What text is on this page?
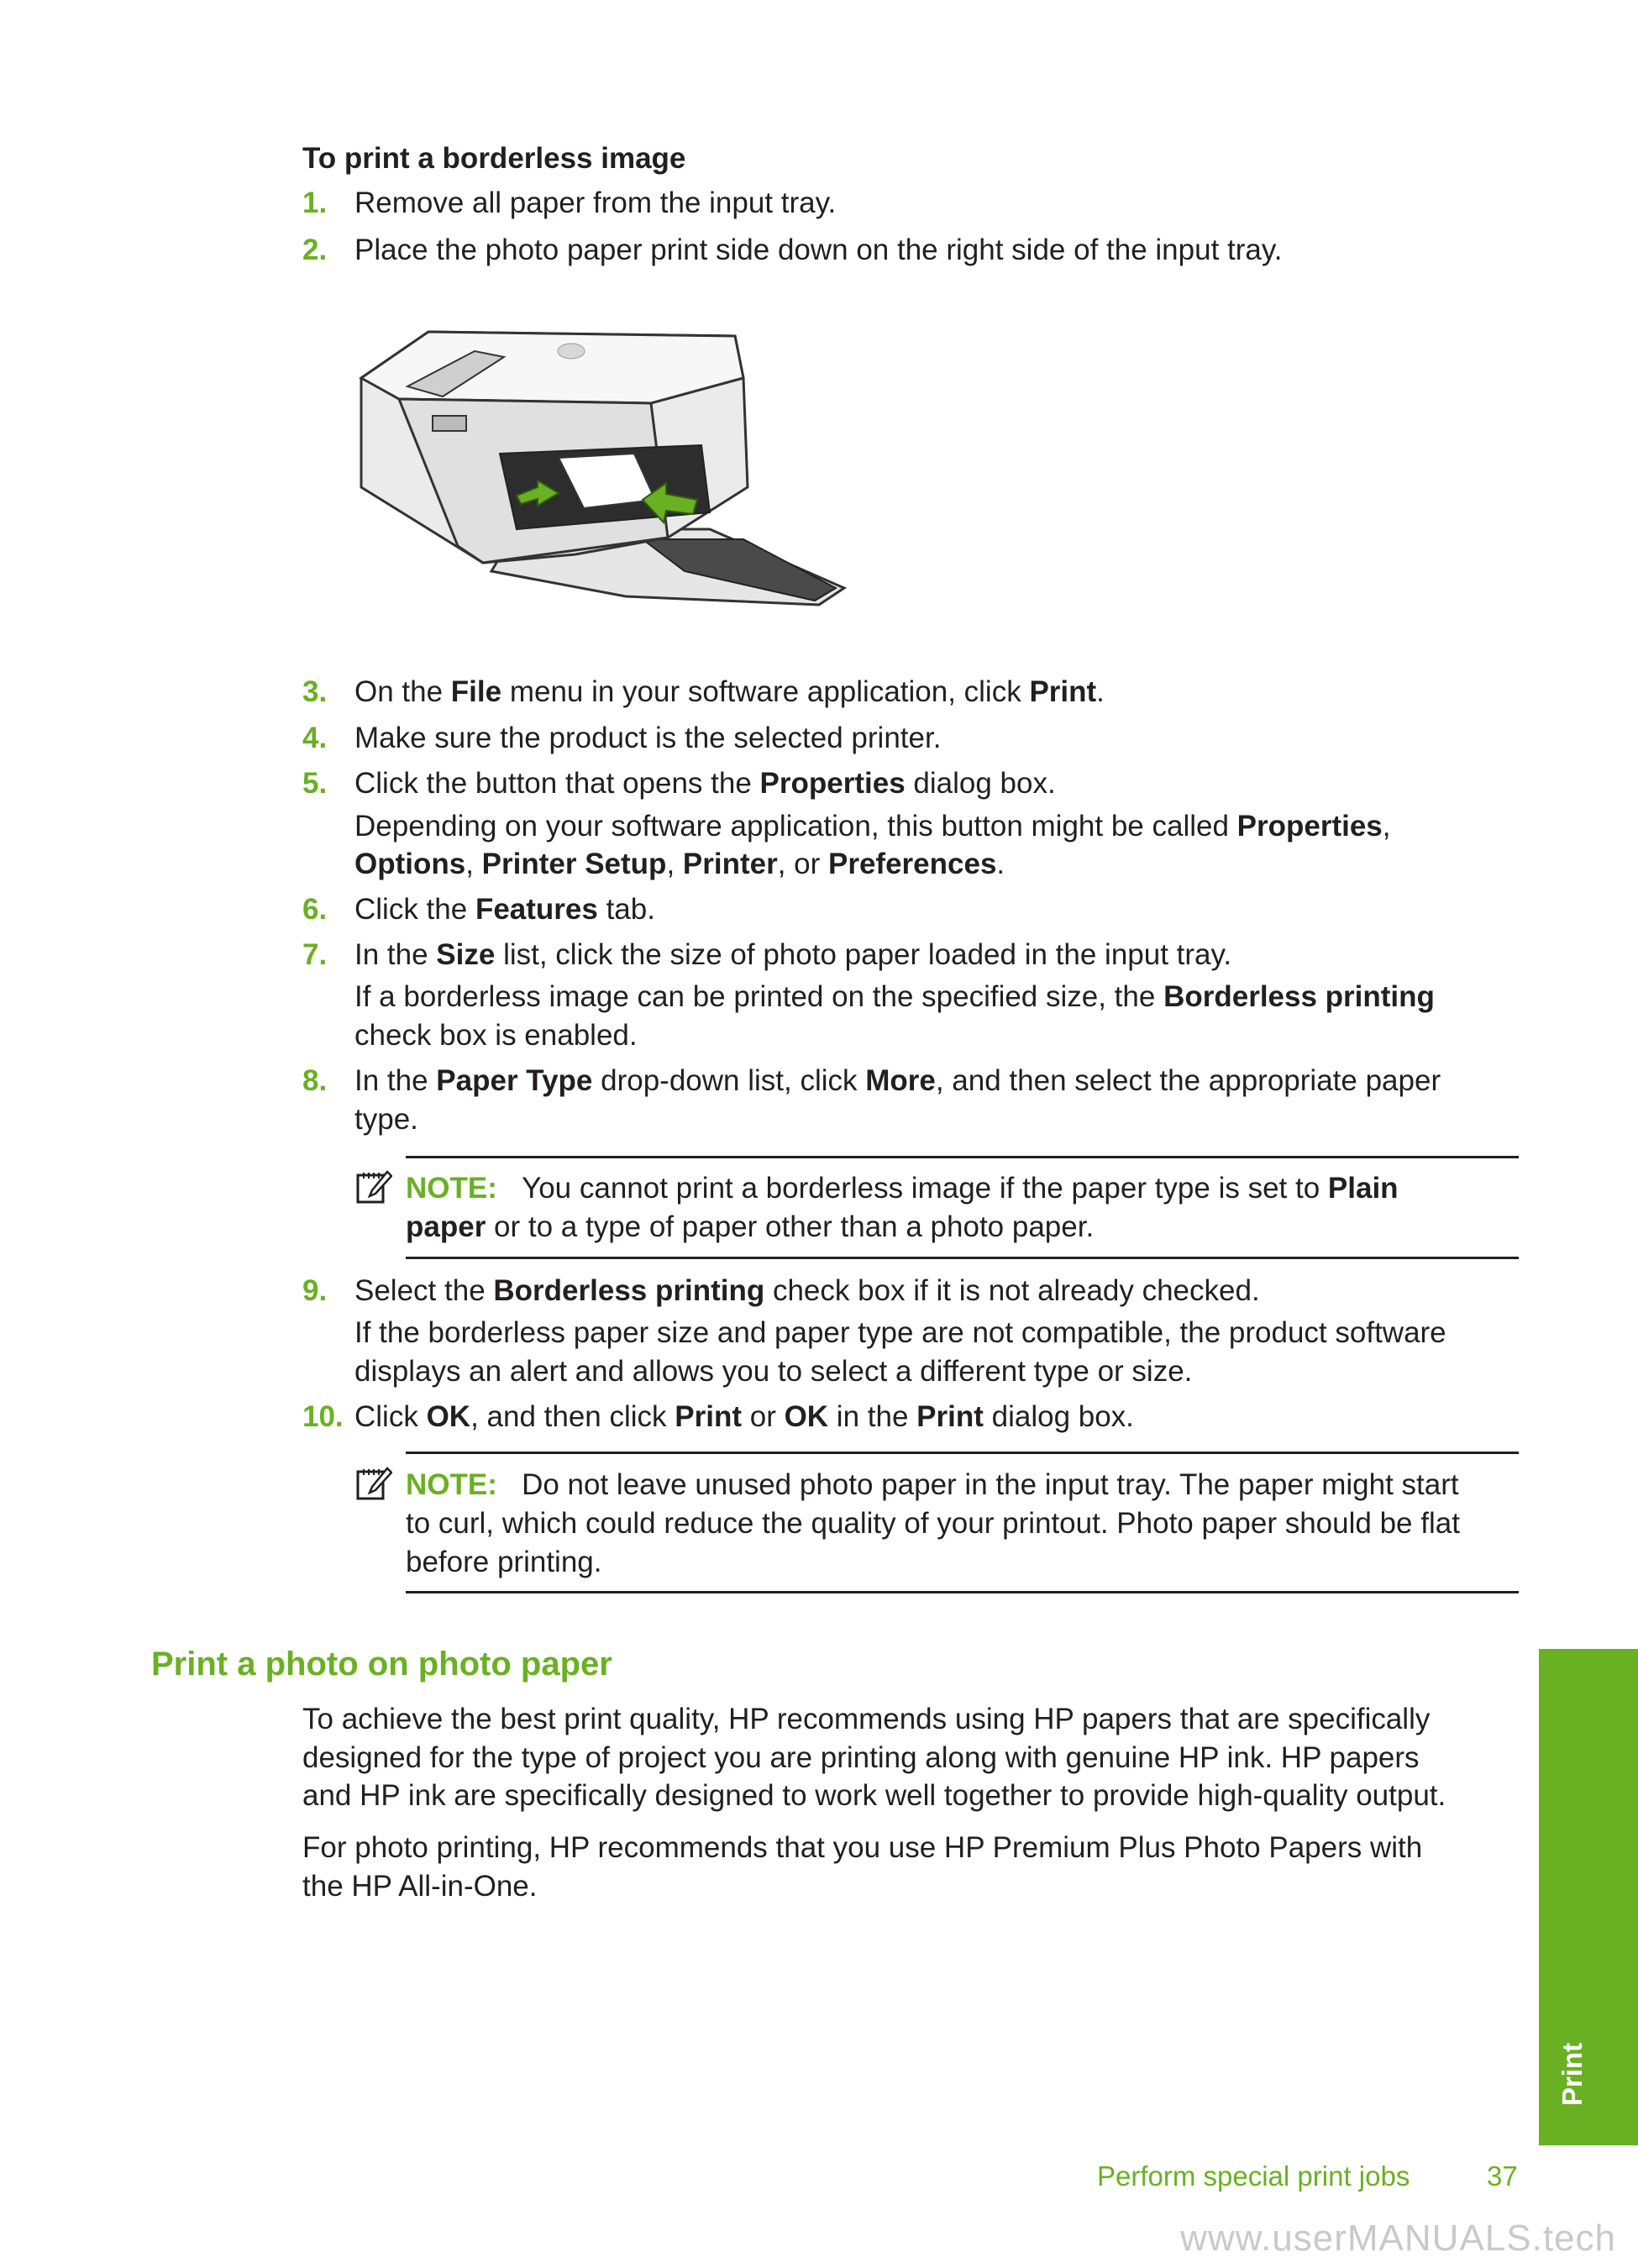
To print a borderless image
1. Remove all paper from the input tray.
2. Place the photo paper print side down on the right side of the input tray.
3. On the File menu in your software application, click Print.
4. Make sure the product is the selected printer.
5. Click the button that opens the Properties dialog box.
Depending on your software application, this button might be called Properties,
Options, Printer Setup, Printer, or Preferences.
6. Click the Features tab.
7. In the Size list, click the size of photo paper loaded in the input tray.
If a borderless image can be printed on the specified size, the Borderless printing
check box is enabled.
8. In the Paper Type drop-down list, click More, and then select the appropriate paper
type.
NOTE: You cannot print a borderless image if the paper type is set to Plain
paper or to a type of paper other than a photo paper.
9. Select the Borderless printing check box if it is not already checked.
If the borderless paper size and paper type are not compatible, the product software
displays an alert and allows you to select a different type or size.
10. Click OK, and then click Print or OK in the Print dialog box.
NOTE: Do not leave unused photo paper in the input tray. The paper might start
to curl, which could reduce the quality of your printout. Photo paper should be flat
before printing.
Print a photo on photo paper
To achieve the best print quality, HP recommends using HP papers that are specifically
designed for the type of project you are printing along with genuine HP ink. HP papers
and HP ink are specifically designed to work well together to provide high-quality output.
For photo printing, HP recommends that you use HP Premium Plus Photo Papers with
the HP All-in-One.
Print
Perform special print jobs	37
www.userMANUALS.tech
